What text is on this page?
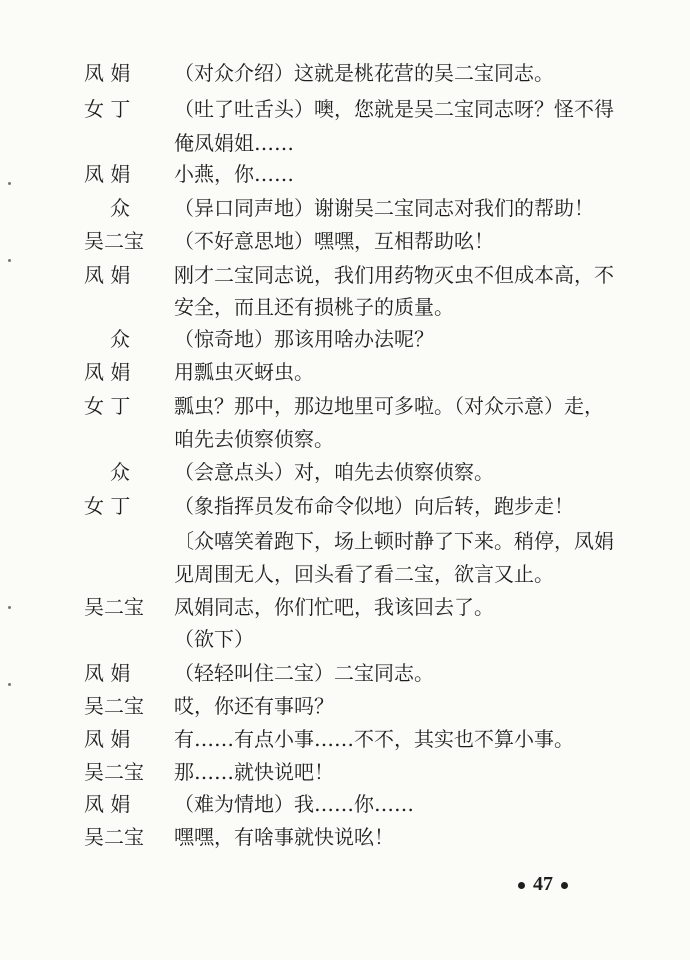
凤 娟	（对众介绍）这就是桃花营的吴二宝同志。
女 丁	（吐了吐舌头）噢，您就是吴二宝同志呀？怪不得
俺凤娟姐……
凤 娟	小燕，你……
众	（异口同声地）谢谢吴二宝同志对我们的帮助！
吴二宝	（不好意思地）嘿嘿，互相帮助吆！
凤 娟	刚才二宝同志说，我们用药物灭虫不但成本高，不
安全，而且还有损桃子的质量。
众	（惊奇地）那该用啥办法呢？
凤 娟	用瓢虫灭蚜虫。
女 丁	瓢虫？那中，那边地里可多啦。（对众示意）走，
咱先去侦察侦察。
众	（会意点头）对，咱先去侦察侦察。
女 丁	（象指挥员发布命令似地）向后转，跑步走！
〔众嘻笑着跑下，场上顿时静了下来。稍停，凤娟
见周围无人，回头看了看二宝，欲言又止。
吴二宝	凤娟同志，你们忙吧，我该回去了。
（欲下）
凤 娟	（轻轻叫住二宝）二宝同志。
吴二宝	哎，你还有事吗？
凤 娟	有……有点小事……不不，其实也不算小事。
吴二宝	那……就快说吧！
凤 娟	（难为情地）我……你……
吴二宝	嘿嘿，有啥事就快说吆！
47
